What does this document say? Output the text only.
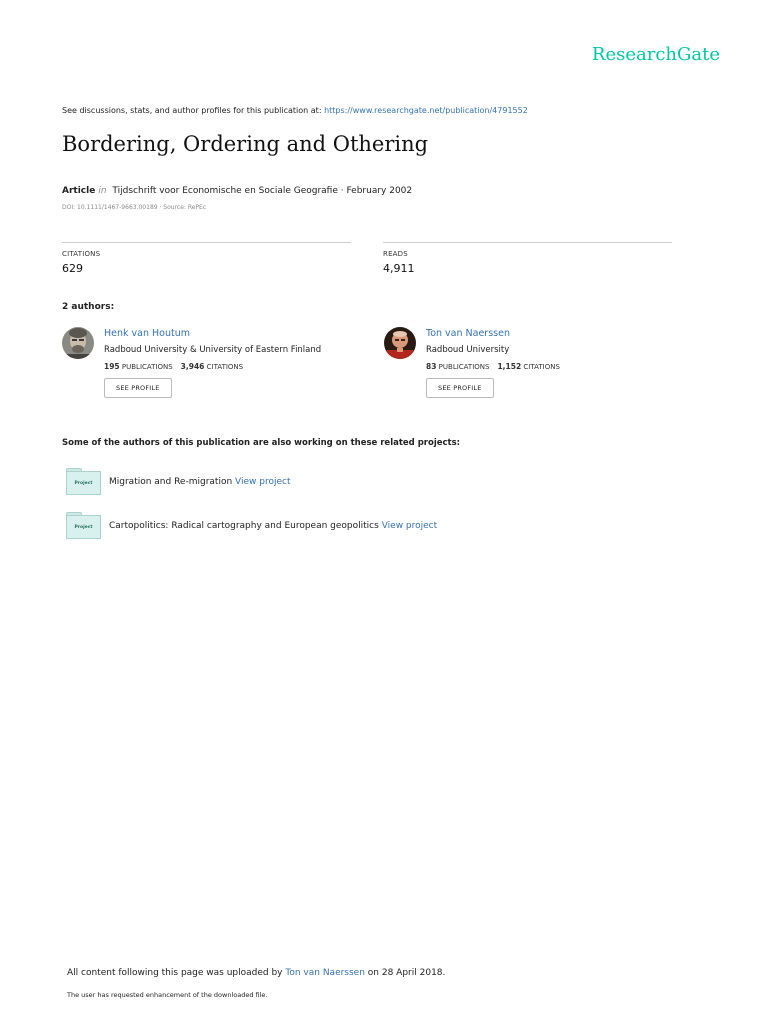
ResearchGate
See discussions, stats, and author profiles for this publication at: https://www.researchgate.net/publication/4791552
Bordering, Ordering and Othering
Article in Tijdschrift voor Economische en Sociale Geografie · February 2002
DOI: 10.1111/1467-9663.00189 · Source: RePEc
CITATIONS
629
READS
4,911
2 authors:
Henk van Houtum
Radboud University & University of Eastern Finland
195 PUBLICATIONS 3,946 CITATIONS
SEE PROFILE
Ton van Naerssen
Radboud University
83 PUBLICATIONS 1,152 CITATIONS
SEE PROFILE
Some of the authors of this publication are also working on these related projects:
Project	Migration and Re-migration View project
Project	Cartopolitics: Radical cartography and European geopolitics View project
All content following this page was uploaded by Ton van Naerssen on 28 April 2018.
The user has requested enhancement of the downloaded file.
